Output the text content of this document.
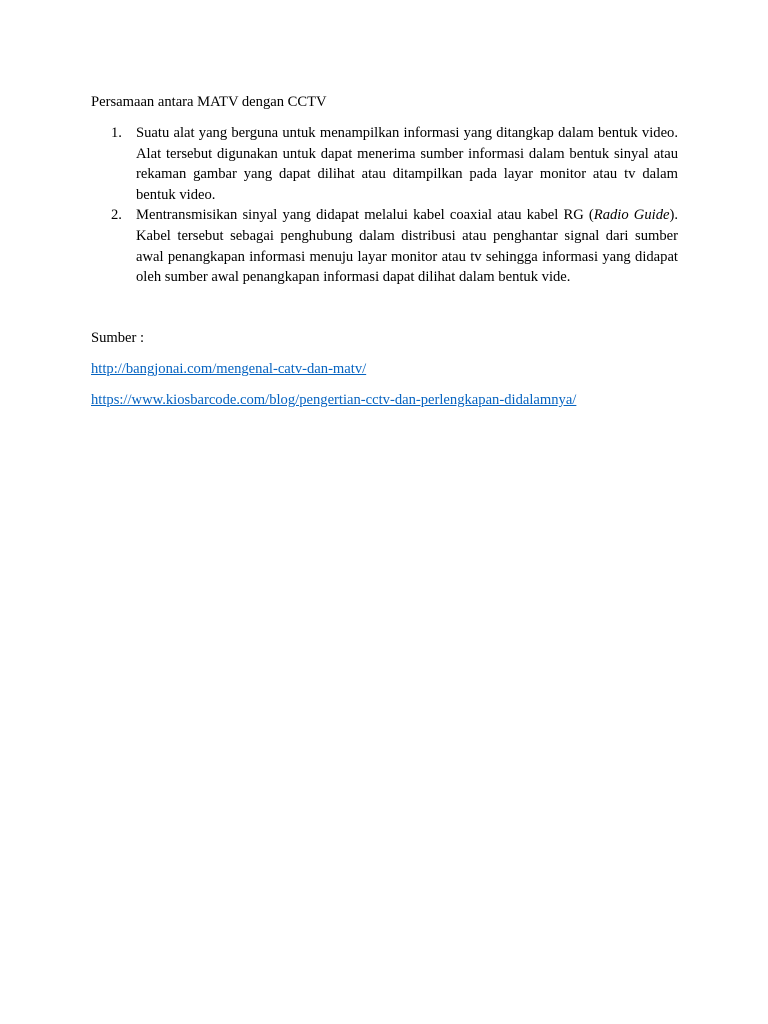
Persamaan antara MATV dengan CCTV
1. Suatu alat yang berguna untuk menampilkan informasi yang ditangkap dalam bentuk video. Alat tersebut digunakan untuk dapat menerima sumber informasi dalam bentuk sinyal atau rekaman gambar yang dapat dilihat atau ditampilkan pada layar monitor atau tv dalam bentuk video.
2. Mentransmisikan sinyal yang didapat melalui kabel coaxial atau kabel RG (Radio Guide). Kabel tersebut sebagai penghubung dalam distribusi atau penghantar signal dari sumber awal penangkapan informasi menuju layar monitor atau tv sehingga informasi yang didapat oleh sumber awal penangkapan informasi dapat dilihat dalam bentuk vide.
Sumber :
http://bangjonai.com/mengenal-catv-dan-matv/
https://www.kiosbarcode.com/blog/pengertian-cctv-dan-perlengkapan-didalamnya/
